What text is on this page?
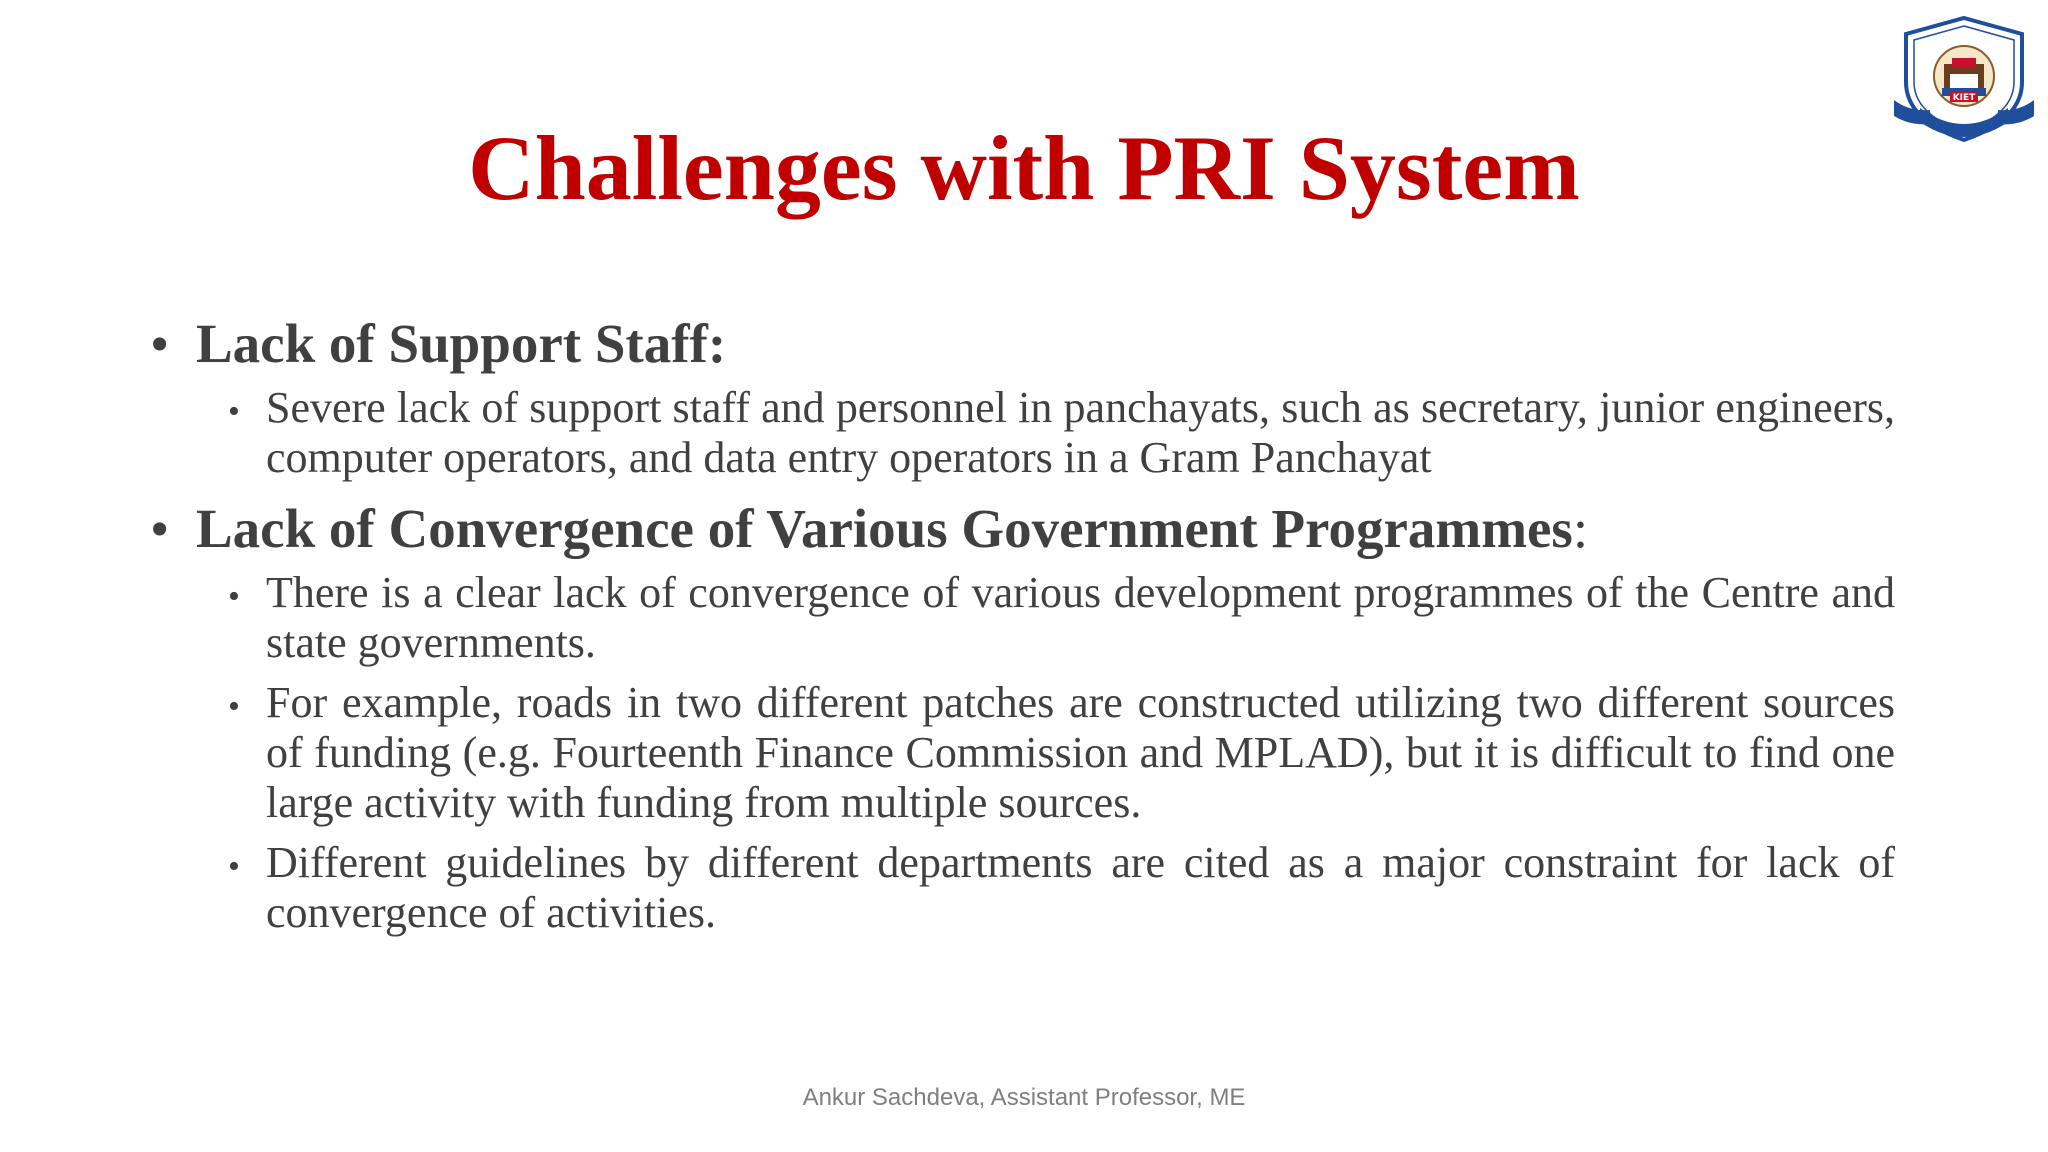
Challenges with PRI System
KIET
• Lack of Support Staff:
• Severe lack of support staff and personnel in panchayats, such as secretary, junior engineers, computer operators, and data entry operators in a Gram Panchayat
• Lack of Convergence of Various Government Programmes:
• There is a clear lack of convergence of various development programmes of the Centre and state governments.
• For example, roads in two different patches are constructed utilizing two different sources of funding (e.g. Fourteenth Finance Commission and MPLAD), but it is difficult to find one large activity with funding from multiple sources.
• Different guidelines by different departments are cited as a major constraint for lack of convergence of activities.
Ankur Sachdeva, Assistant Professor, ME
